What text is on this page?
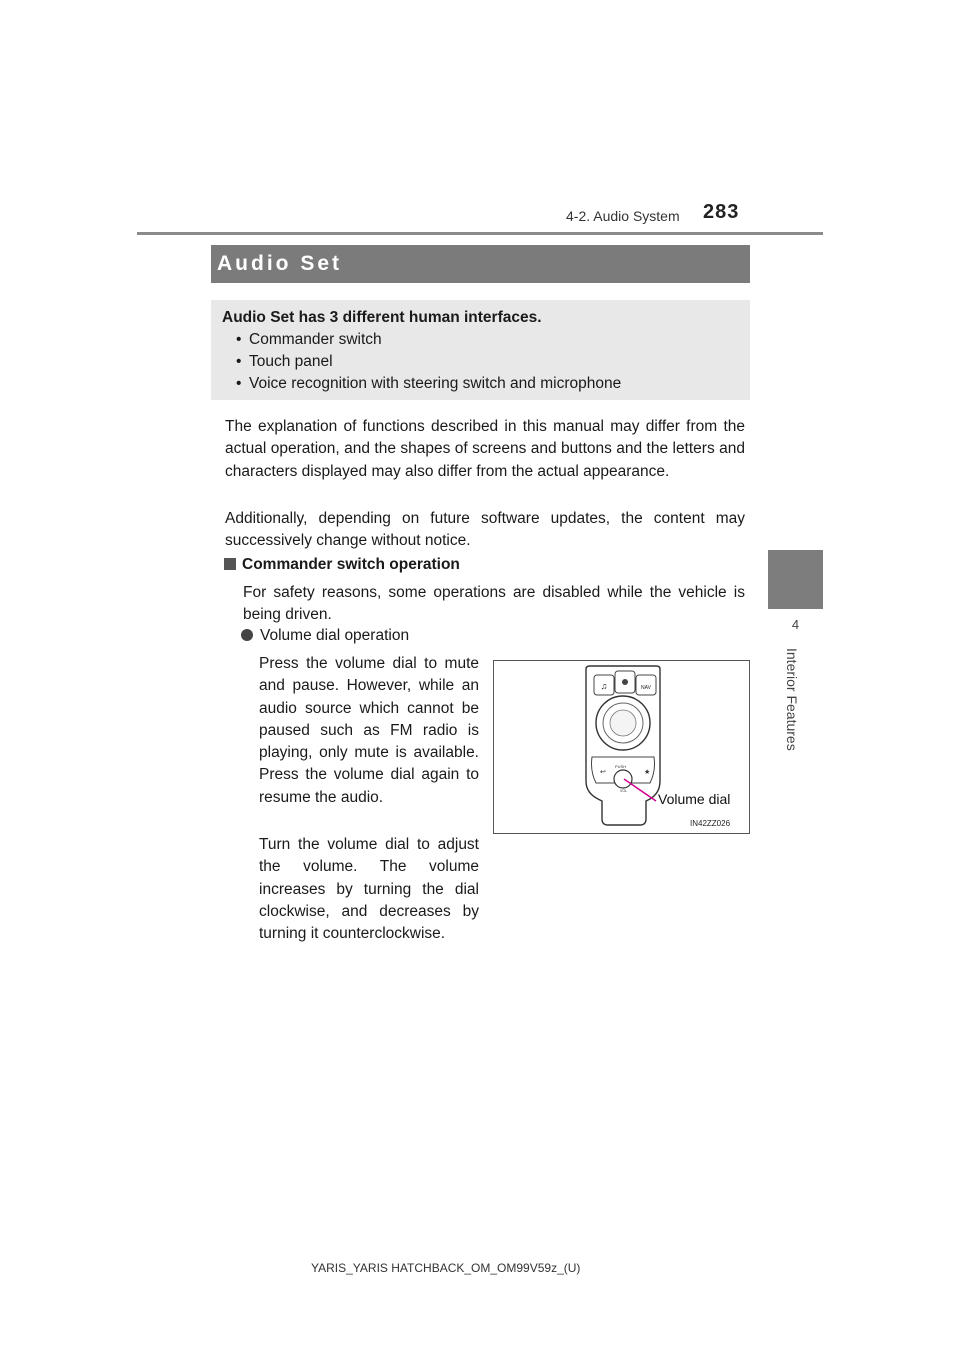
4-2. Audio System 283
4
Interior Features
Audio Set
Audio Set has 3 different human interfaces.
• Commander switch
• Touch panel
• Voice recognition with steering switch and microphone

The explanation of functions described in this manual may differ from the actual operation, and the shapes of screens and buttons and the letters and characters displayed may also differ from the actual appearance.

Additionally, depending on future software updates, the content may successively change without notice.

Commander switch operation

For safety reasons, some operations are disabled while the vehicle is being driven.

Volume dial operation

Press the volume dial to mute and pause. However, while an audio source which cannot be paused such as FM radio is playing, only mute is available. Press the volume dial again to resume the audio.

Turn the volume dial to adjust the volume. The volume increases by turning the dial clockwise, and decreases by turning it counterclockwise.

♫	NAV
↩	★
PUSH
VOL Volume dial
IN42ZZ026
YARIS_YARIS HATCHBACK_OM_OM99V59z_(U)
